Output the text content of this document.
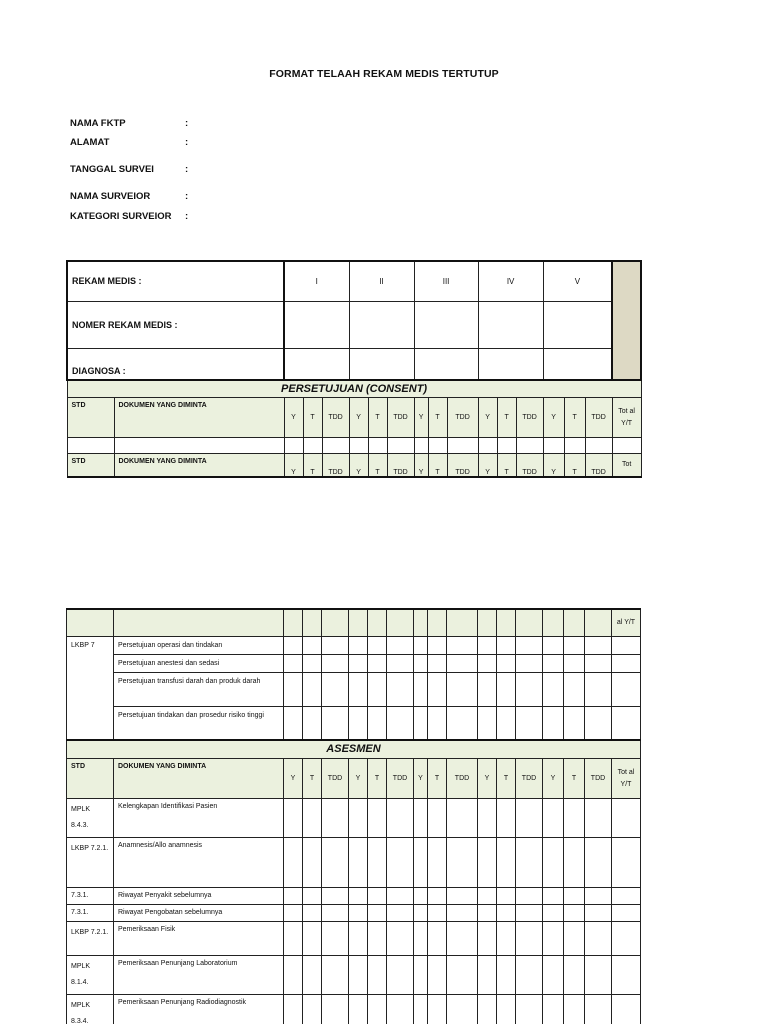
FORMAT TELAAH REKAM MEDIS TERTUTUP
NAMA FKTP	:
ALAMAT	:
TANGGAL SURVEI	:
NAMA SURVEIOR	:
KATEGORI SURVEIOR :
REKAM MEDIS :		I			II			III			IV			V			
NOMER REKAM MEDIS :																	
DIAGNOSA :																	
PERSETUJUAN (CONSENT)																	
STD	DOKUMEN YANG DIMINTA	Y	T	TDD	Y	T	TDD	Y	T	TDD	Y	T	TDD	Y	T	TDD	Tot al Y/T

STD	DOKUMEN YANG DIMINTA	Y	T	TDD	Y	T	TDD	Y	T	TDD	Y	T	TDD	Y	T	TDD	Tot
																	al Y/T
LKBP 7	Persetujuan operasi dan tindakan																
	Persetujuan anestesi dan sedasi																
	Persetujuan transfusi darah dan produk darah																
	Persetujuan tindakan dan prosedur risiko tinggi																
ASESMEN																	
STD	DOKUMEN YANG DIMINTA	Y	T	TDD	Y	T	TDD	Y	T	TDD	Y	T	TDD	Y	T	TDD	Tot al Y/T
MPLK 8.4.3.	Kelengkapan Identifikasi Pasien																
LKBP 7.2.1.	Anamnesis/Allo anamnesis																
7.3.1.	Riwayat Penyakit sebelumnya																
7.3.1.	Riwayat Pengobatan sebelumnya																
LKBP 7.2.1.	Pemeriksaan Fisik																
MPLK 8.1.4.	Pemeriksaan Penunjang Laboratorium																
MPLK 8.3.4.	Pemeriksaan Penunjang Radiodiagnostik																
